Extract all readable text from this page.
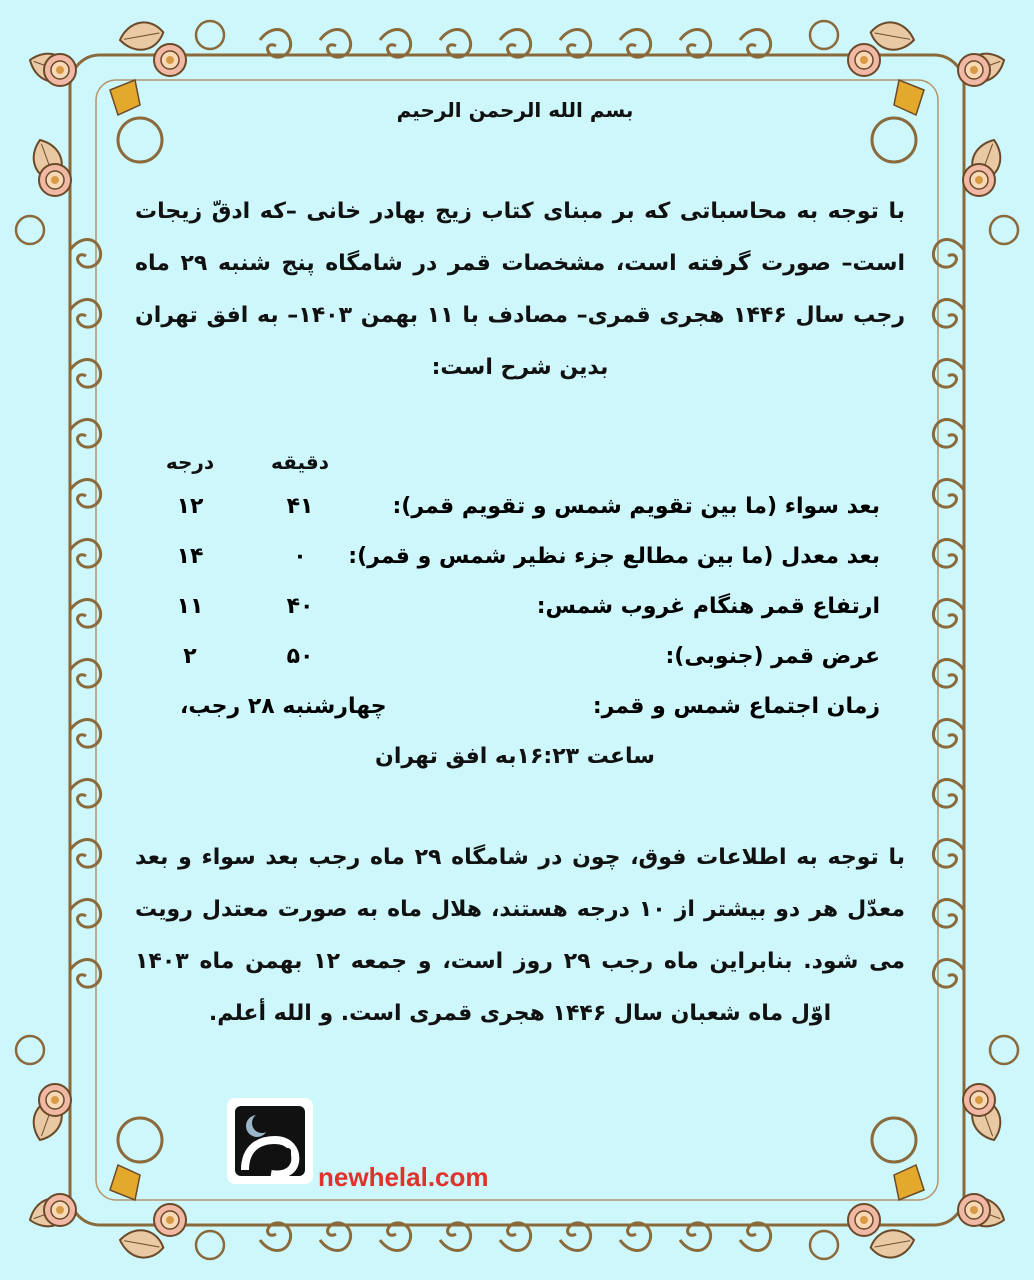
بسم الله الرحمن الرحیم
با توجه به محاسباتی که بر مبنای کتاب زیج بهادر خانی –که ادقّ زیجات است– صورت گرفته است، مشخصات قمر در شامگاه پنج شنبه ۲۹ ماه رجب سال ۱۴۴۶ هجری قمری– مصادف با ۱۱ بهمن ۱۴۰۳– به افق تهران بدین شرح است:
دقیقه
درجه
بعد سواء (ما بین تقویم شمس و تقویم قمر):
۴۱
۱۲
بعد معدل (ما بین مطالع جزء نظیر شمس و قمر):
۰
۱۴
ارتفاع قمر هنگام غروب شمس:
۴۰
۱۱
عرض قمر (جنوبی):
۵۰
۲
زمان اجتماع شمس و قمر:
چهارشنبه ۲۸ رجب،
ساعت ۱۶:۲۳به افق تهران
با توجه به اطلاعات فوق، چون در شامگاه ۲۹ ماه رجب بعد سواء و بعد معدّل هر دو بیشتر از ۱۰ درجه هستند، هلال ماه به صورت معتدل رویت می شود. بنابراین ماه رجب ۲۹ روز است، و جمعه ۱۲ بهمن ماه ۱۴۰۳ اوّل ماه شعبان سال ۱۴۴۶ هجری قمری است. و الله أعلم.
newhelal.com
